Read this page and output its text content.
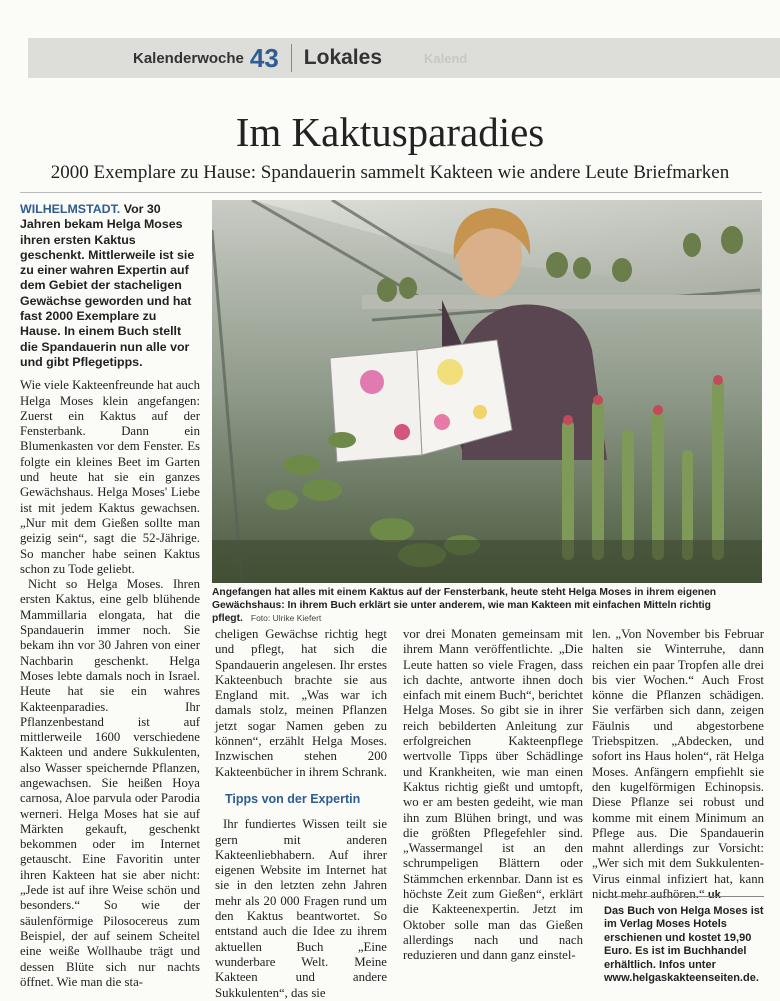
Kalenderwoche 43 Lokales	Kalend
Im Kaktusparadies
2000 Exemplare zu Hause: Spandauerin sammelt Kakteen wie andere Leute Briefmarken
WILHELMSTADT. Vor 30 Jahren bekam Helga Moses ihren ersten Kaktus geschenkt. Mittlerweile ist sie zu einer wahren Expertin auf dem Gebiet der stacheligen Gewächse geworden und hat fast 2000 Exemplare zu Hause. In einem Buch stellt die Spandauerin nun alle vor und gibt Pflegetipps.

Wie viele Kakteenfreunde hat auch Helga Moses klein angefangen: Zuerst ein Kaktus auf der Fensterbank. Dann ein Blumenkasten vor dem Fenster. Es folgte ein kleines Beet im Garten und heute hat sie ein ganzes Gewächshaus. Helga Moses' Liebe ist mit jedem Kaktus gewachsen. „Nur mit dem Gießen sollte man geizig sein“, sagt die 52-Jährige. So mancher habe seinen Kaktus schon zu Tode geliebt.

Nicht so Helga Moses. Ihren ersten Kaktus, eine gelb blühende Mammillaria elongata, hat die Spandauerin immer noch. Sie bekam ihn vor 30 Jahren von einer Nachbarin geschenkt. Helga Moses lebte damals noch in Israel. Heute hat sie ein wahres Kakteenparadies. Ihr Pflanzenbestand ist auf mittlerweile 1600 verschiedene Kakteen und andere Sukkulenten, also Wasser speichernde Pflanzen, angewachsen. Sie heißen Hoya carnosa, Aloe parvula oder Parodia werneri. Helga Moses hat sie auf Märkten gekauft, geschenkt bekommen oder im Internet getauscht. Eine Favoritin unter ihren Kakteen hat sie aber nicht: „Jede ist auf ihre Weise schön und besonders.“ So wie der säulenförmige Pilosocereus zum Beispiel, der auf seinem Scheitel eine weiße Wollhaube trägt und dessen Blüte sich nur nachts öffnet. Wie man die sta-

Angefangen hat alles mit einem Kaktus auf der Fensterbank, heute steht Helga Moses in ihrem eigenen Gewächshaus: In ihrem Buch erklärt sie unter anderem, wie man Kakteen mit einfachen Mitteln richtig pflegt. Foto: Ulrike Kiefert

cheligen Gewächse richtig hegt und pflegt, hat sich die Spandauerin angelesen. Ihr erstes Kakteenbuch brachte sie aus England mit. „Was war ich damals stolz, meinen Pflanzen jetzt sogar Namen geben zu können“, erzählt Helga Moses. Inzwischen stehen 200 Kakteenbücher in ihrem Schrank.

Tipps von der Expertin

Ihr fundiertes Wissen teilt sie gern mit anderen Kakteenliebhabern. Auf ihrer eigenen Website im Internet hat sie in den letzten zehn Jahren mehr als 20 000 Fragen rund um den Kaktus beantwortet. So entstand auch die Idee zu ihrem aktuellen Buch „Eine wunderbare Welt. Meine Kakteen und andere Sukkulenten“, das sie

vor drei Monaten gemeinsam mit ihrem Mann veröffentlichte. „Die Leute hatten so viele Fragen, dass ich dachte, antworte ihnen doch einfach mit einem Buch“, berichtet Helga Moses. So gibt sie in ihrer reich bebilderten Anleitung zur erfolgreichen Kakteenpflege wertvolle Tipps über Schädlinge und Krankheiten, wie man einen Kaktus richtig gießt und umtopft, wo er am besten gedeiht, wie man ihn zum Blühen bringt, und was die größten Pflegefehler sind. „Wassermangel ist an den schrumpeligen Blättern oder Stämmchen erkennbar. Dann ist es höchste Zeit zum Gießen“, erklärt die Kakteenexpertin. Jetzt im Oktober solle man das Gießen allerdings nach und nach reduzieren und dann ganz einstel-

len. „Von November bis Februar halten sie Winterruhe, dann reichen ein paar Tropfen alle drei bis vier Wochen.“ Auch Frost könne die Pflanzen schädigen. Sie verfärben sich dann, zeigen Fäulnis und abgestorbene Triebspitzen. „Abdecken, und sofort ins Haus holen“, rät Helga Moses. Anfängern empfiehlt sie den kugelförmigen Echinopsis. Diese Pflanze sei robust und komme mit einem Minimum an Pflege aus. Die Spandauerin mahnt allerdings zur Vorsicht: „Wer sich mit dem Sukkulenten-Virus einmal infiziert hat, kann nicht mehr aufhören.“ uk

Das Buch von Helga Moses ist im Verlag Moses Hotels erschienen und kostet 19,90 Euro. Es ist im Buchhandel erhältlich. Infos unter www.helgaskakteenseiten.de.
